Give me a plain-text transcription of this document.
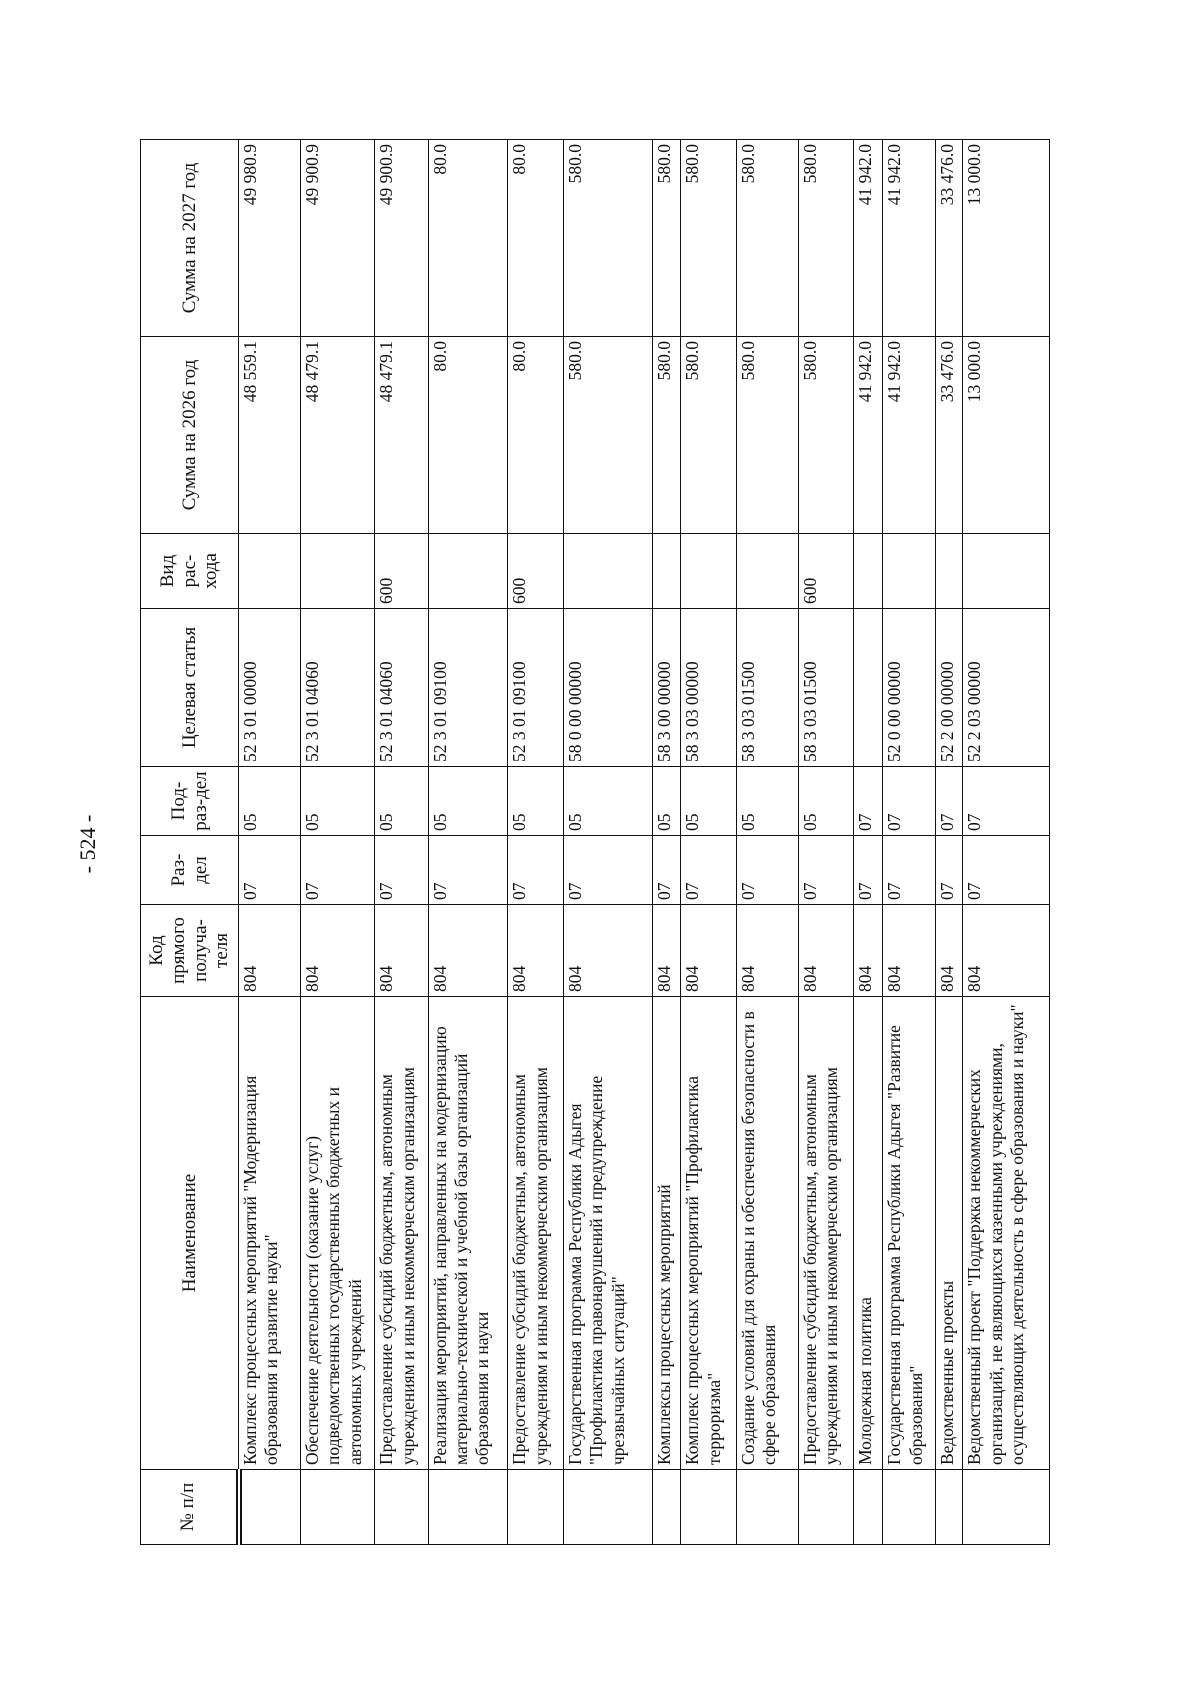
- 524 -
№ п/п	Наименование	Код прямого получа-теля	Раз-дел	Под-раз-дел	Целевая статья	Вид рас-хода	Сумма на 2026 год	Сумма на 2027 год
	Комплекс процессных мероприятий "Модернизация образования и развитие науки"	804	07	05	52 3 01 00000		48 559.1	49 980.9
	Обеспечение деятельности (оказание услуг) подведомственных государственных бюджетных и автономных учреждений	804	07	05	52 3 01 04060		48 479.1	49 900.9
	Предоставление субсидий бюджетным, автономным учреждениям и иным некоммерческим организациям	804	07	05	52 3 01 04060	600	48 479.1	49 900.9
	Реализация мероприятий, направленных на модернизацию материально-технической и учебной базы организаций образования и науки	804	07	05	52 3 01 09100		80.0	80.0
	Предоставление субсидий бюджетным, автономным учреждениям и иным некоммерческим организациям	804	07	05	52 3 01 09100	600	80.0	80.0
	Государственная программа Республики Адыгея "Профилактика правонарушений и предупреждение чрезвычайных ситуаций"	804	07	05	58 0 00 00000		580.0	580.0
	Комплексы процессных мероприятий	804	07	05	58 3 00 00000		580.0	580.0
	Комплекс процессных мероприятий "Профилактика терроризма"	804	07	05	58 3 03 00000		580.0	580.0
	Создание условий для охраны и обеспечения безопасности в сфере образования	804	07	05	58 3 03 01500		580.0	580.0
	Предоставление субсидий бюджетным, автономным учреждениям и иным некоммерческим организациям	804	07	05	58 3 03 01500	600	580.0	580.0
	Молодежная политика	804	07	07			41 942.0	41 942.0
	Государственная программа Республики Адыгея "Развитие образования"	804	07	07	52 0 00 00000		41 942.0	41 942.0
	Ведомственные проекты	804	07	07	52 2 00 00000		33 476.0	33 476.0
	Ведомственный проект "Поддержка некоммерческих организаций, не являющихся казенными учреждениями, осуществляющих деятельность в сфере образования и науки"	804	07	07	52 2 03 00000		13 000.0	13 000.0
